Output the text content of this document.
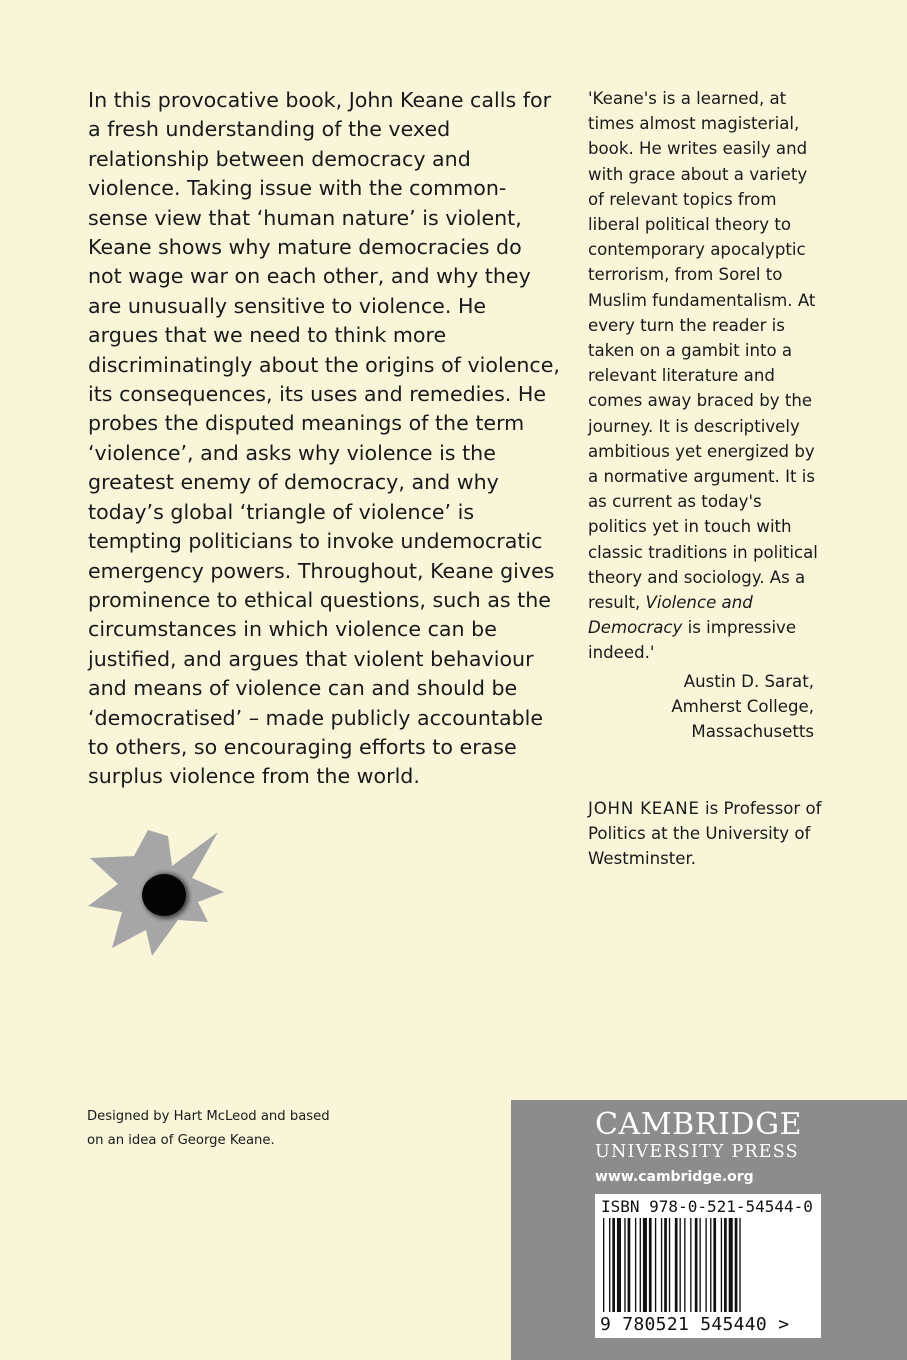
In this provocative book, John Keane calls for a fresh understanding of the vexed relationship between democracy and violence. Taking issue with the common-sense view that ‘human nature’ is violent, Keane shows why mature democracies do not wage war on each other, and why they are unusually sensitive to violence. He argues that we need to think more discriminatingly about the origins of violence, its consequences, its uses and remedies. He probes the disputed meanings of the term ‘violence’, and asks why violence is the greatest enemy of democracy, and why today’s global ‘triangle of violence’ is tempting politicians to invoke undemocratic emergency powers. Throughout, Keane gives prominence to ethical questions, such as the circumstances in which violence can be justified, and argues that violent behaviour and means of violence can and should be ‘democratised’ – made publicly accountable to others, so encouraging efforts to erase surplus violence from the world.

'Keane's is a learned, at times almost magisterial, book. He writes easily and with grace about a variety of relevant topics from liberal political theory to contemporary apocalyptic terrorism, from Sorel to Muslim fundamentalism. At every turn the reader is taken on a gambit into a relevant literature and comes away braced by the journey. It is descriptively ambitious yet energized by a normative argument. It is as current as today's politics yet in touch with classic traditions in political theory and sociology. As a result, Violence and Democracy is impressive indeed.'

Austin D. Sarat,
Amherst College,
Massachusetts

JOHN KEANE is Professor of Politics at the University of Westminster.

Designed by Hart McLeod and based on an idea of George Keane.	CAMBRIDGE
UNIVERSITY PRESS
www.cambridge.org
ISBN 978-0-521-54544-0
9 780521 545440 >
